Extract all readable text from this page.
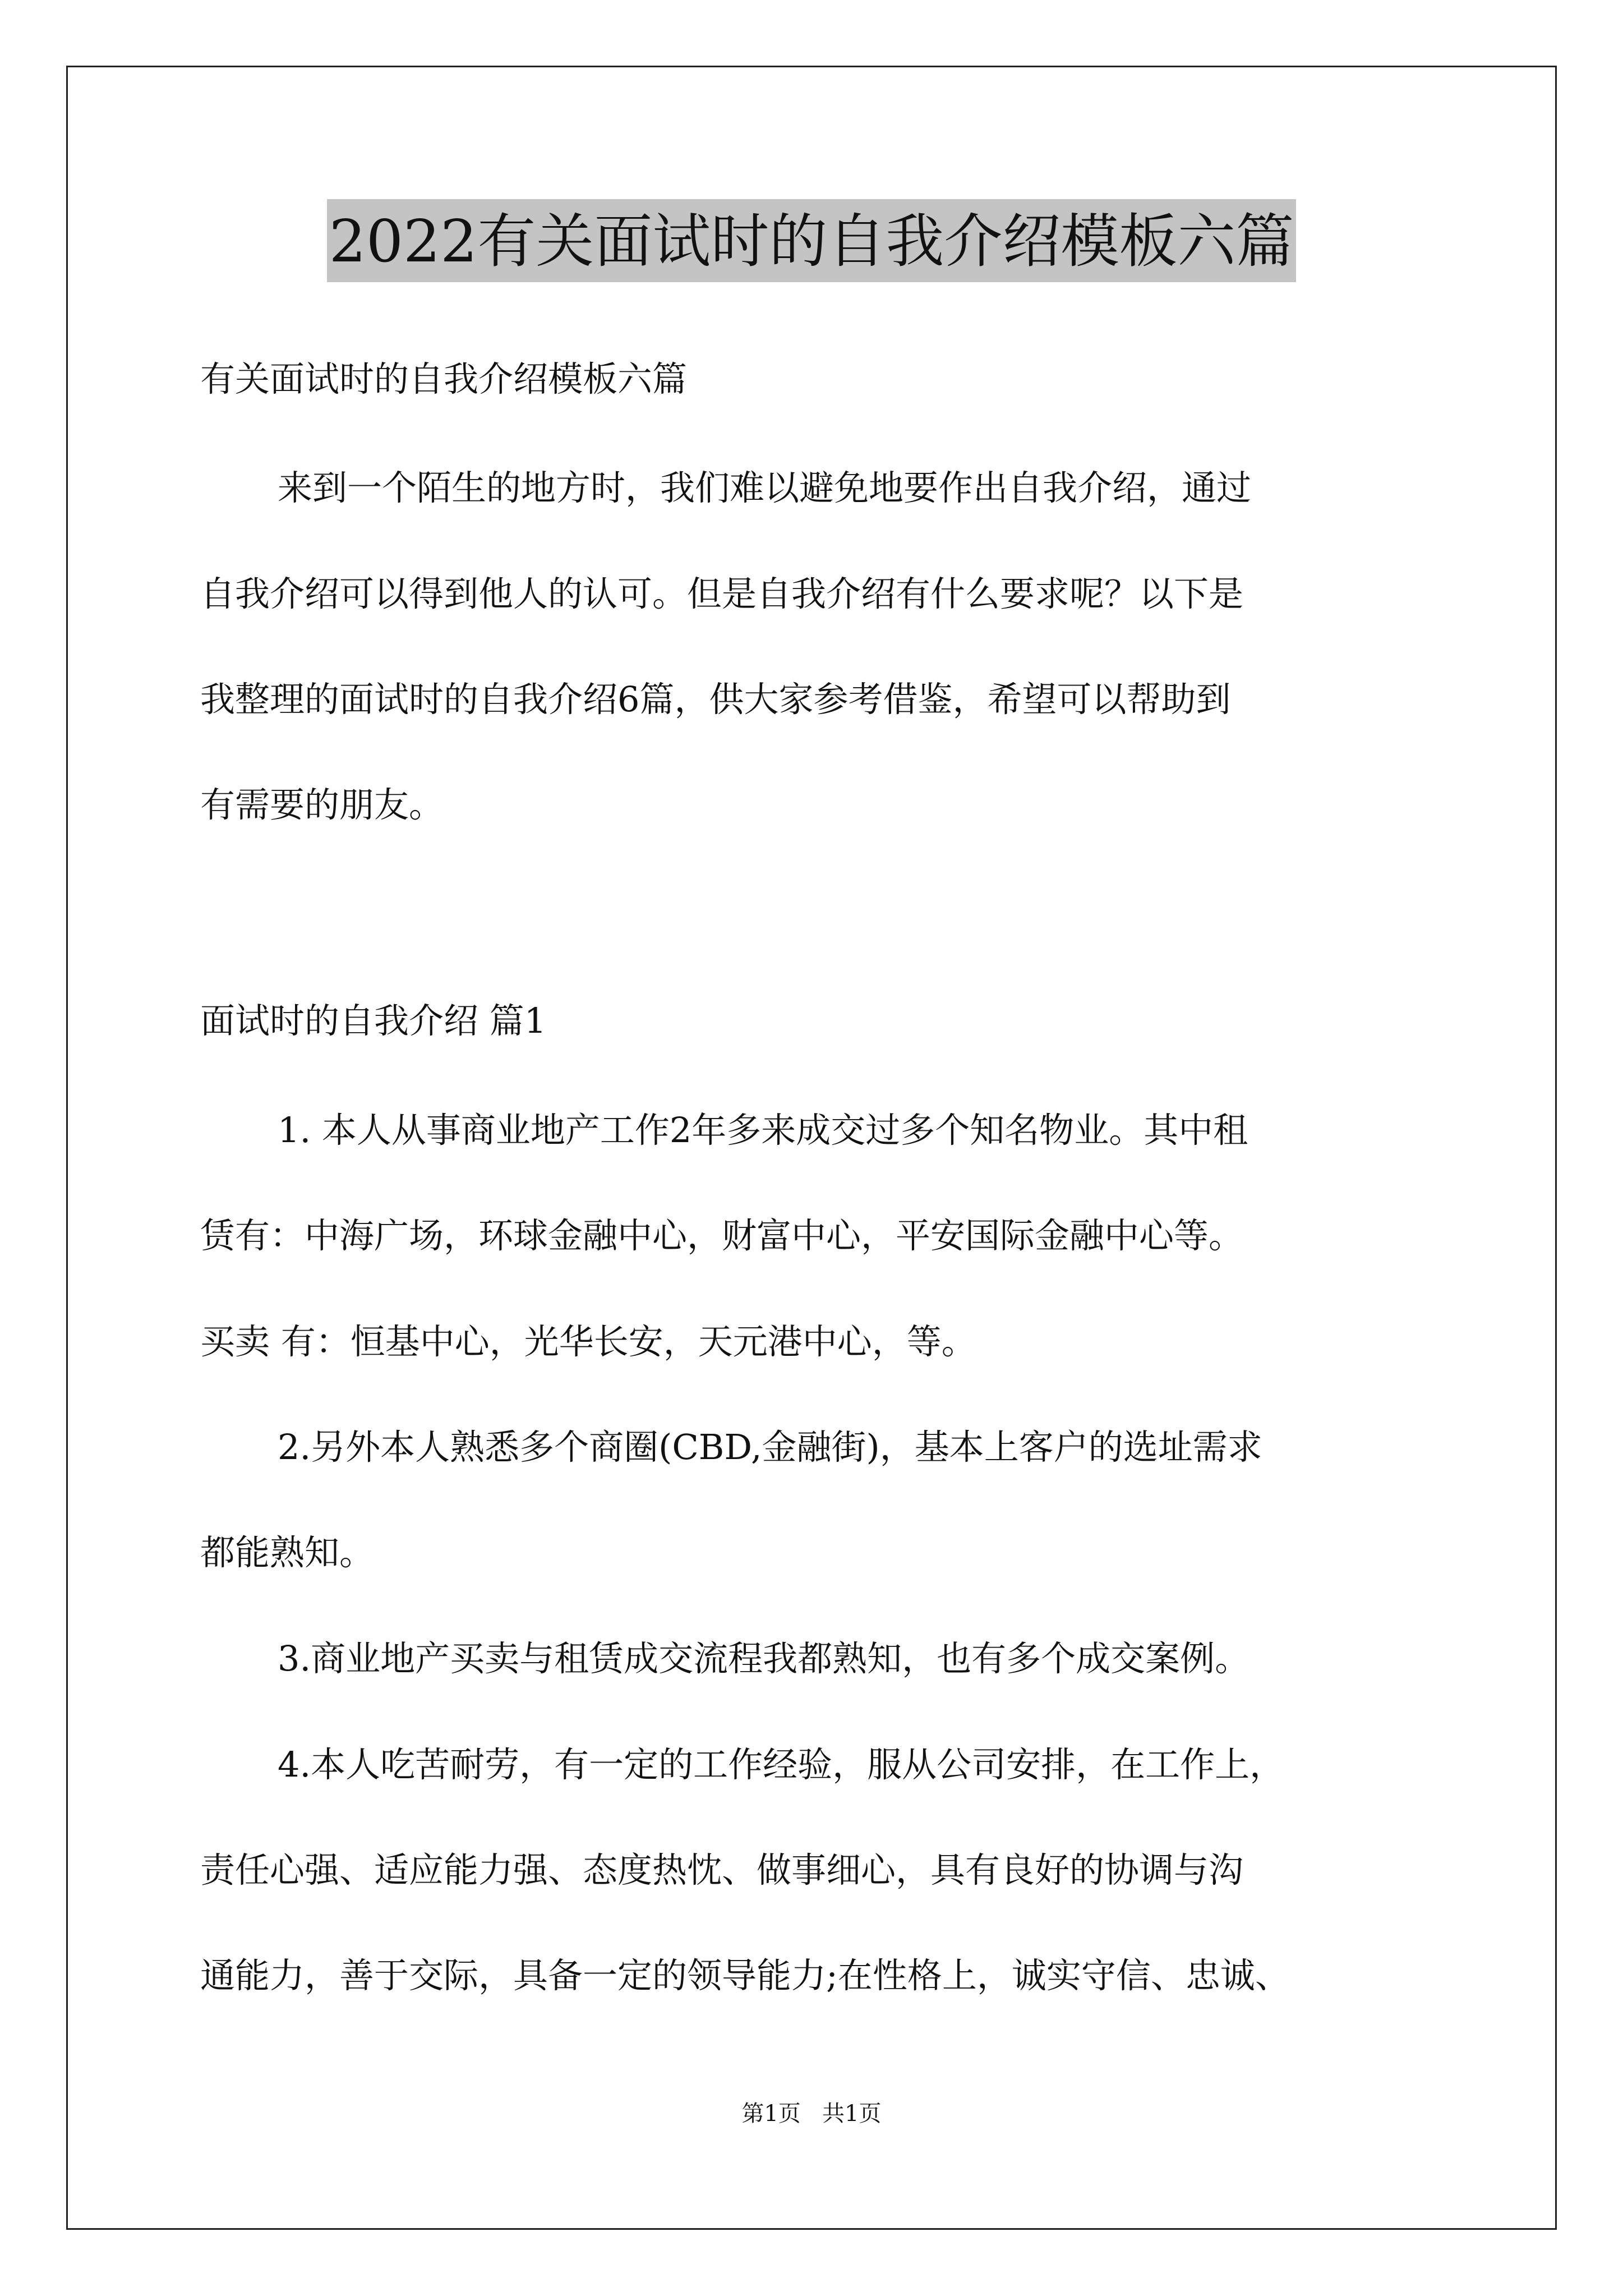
2022有关面试时的自我介绍模板六篇
有关面试时的自我介绍模板六篇
来到一个陌生的地方时，我们难以避免地要作出自我介绍，通过
自我介绍可以得到他人的认可。但是自我介绍有什么要求呢？以下是
我整理的面试时的自我介绍6篇，供大家参考借鉴，希望可以帮助到
有需要的朋友。
面试时的自我介绍 篇1
1. 本人从事商业地产工作2年多来成交过多个知名物业。其中租
赁有：中海广场，环球金融中心，财富中心，平安国际金融中心等。
买卖 有：恒基中心，光华长安，天元港中心，等。
2.另外本人熟悉多个商圈(CBD,金融街)，基本上客户的选址需求
都能熟知。
3.商业地产买卖与租赁成交流程我都熟知，也有多个成交案例。
4.本人吃苦耐劳，有一定的工作经验，服从公司安排，在工作上，
责任心强、适应能力强、态度热忱、做事细心，具有良好的协调与沟
通能力，善于交际，具备一定的领导能力;在性格上，诚实守信、忠诚、
第1页   共1页
